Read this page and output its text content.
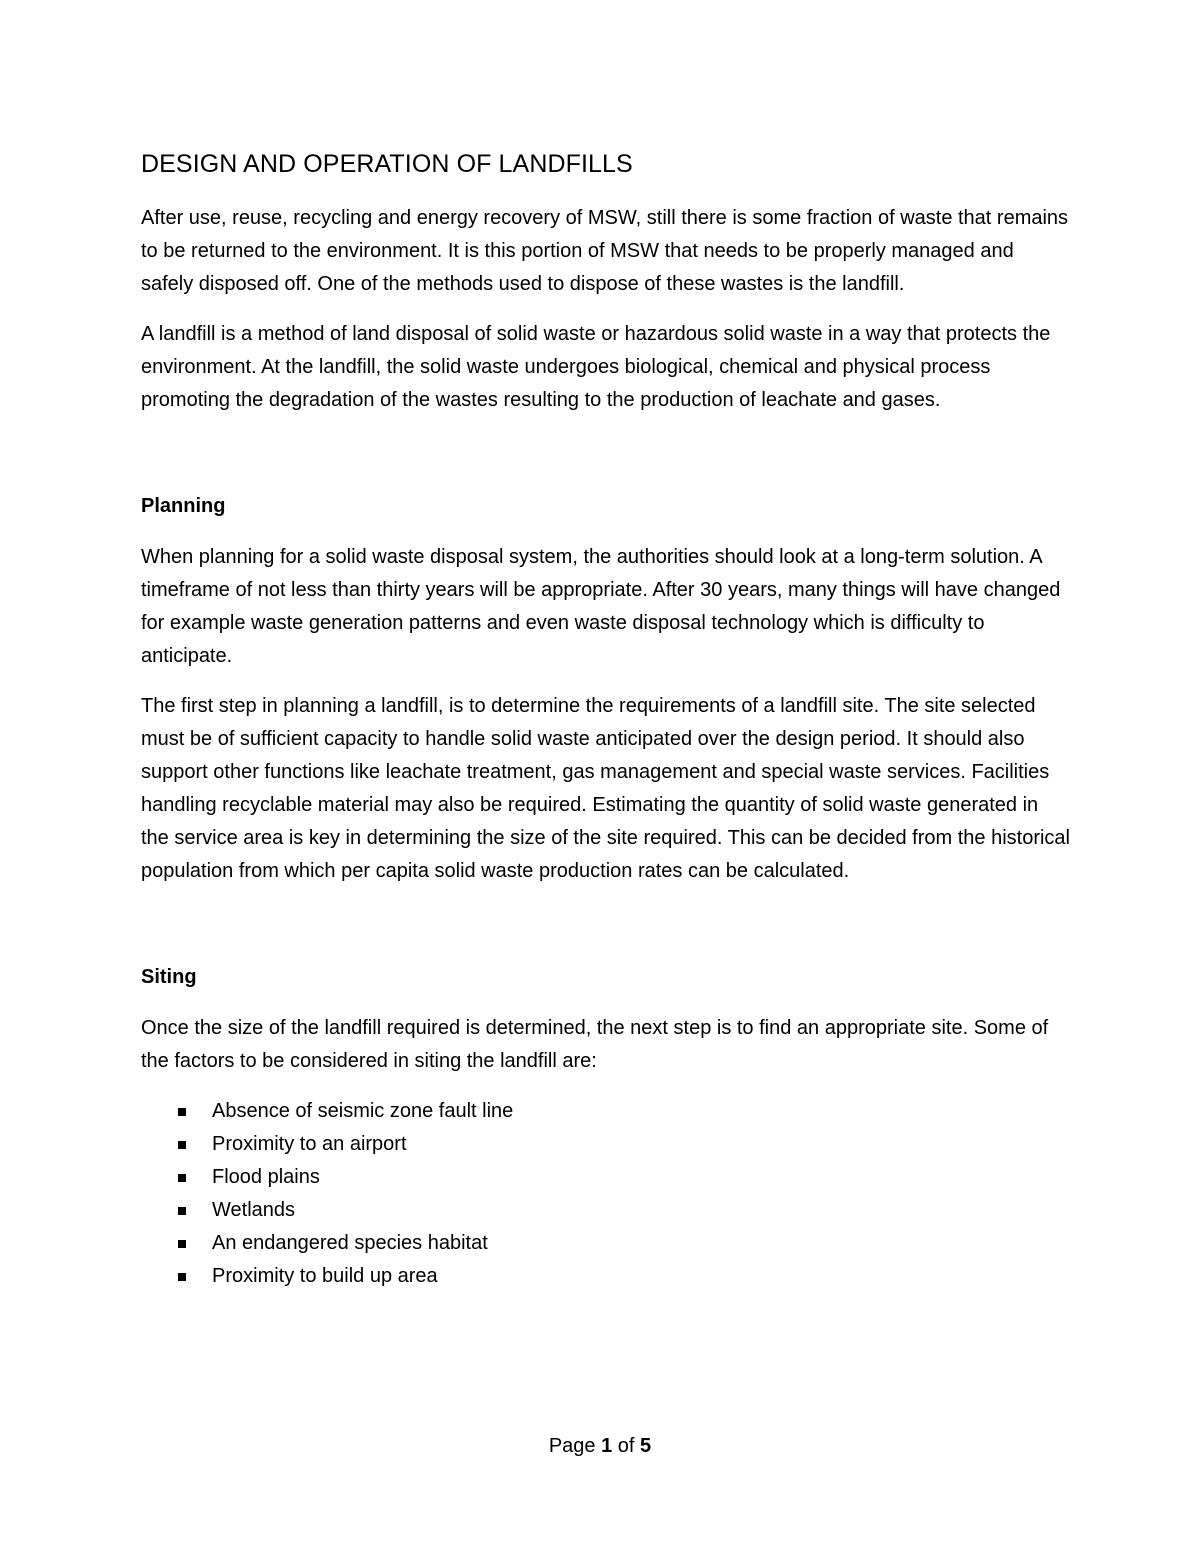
DESIGN AND OPERATION OF LANDFILLS

After use, reuse, recycling and energy recovery of MSW, still there is some fraction of waste that remains to be returned to the environment. It is this portion of MSW that needs to be properly managed and safely disposed off. One of the methods used to dispose of these wastes is the landfill.

A landfill is a method of land disposal of solid waste or hazardous solid waste in a way that protects the environment. At the landfill, the solid waste undergoes biological, chemical and physical process promoting the degradation of the wastes resulting to the production of leachate and gases.

Planning

When planning for a solid waste disposal system, the authorities should look at a long-term solution. A timeframe of not less than thirty years will be appropriate. After 30 years, many things will have changed for example waste generation patterns and even waste disposal technology which is difficulty to anticipate.

The first step in planning a landfill, is to determine the requirements of a landfill site. The site selected must be of sufficient capacity to handle solid waste anticipated over the design period. It should also support other functions like leachate treatment, gas management and special waste services. Facilities handling recyclable material may also be required. Estimating the quantity of solid waste generated in the service area is key in determining the size of the site required. This can be decided from the historical population from which per capita solid waste production rates can be calculated.

Siting

Once the size of the landfill required is determined, the next step is to find an appropriate site. Some of the factors to be considered in siting the landfill are:

Absence of seismic zone fault line
Proximity to an airport
Flood plains
Wetlands
An endangered species habitat
Proximity to build up area
Page 1 of 5
